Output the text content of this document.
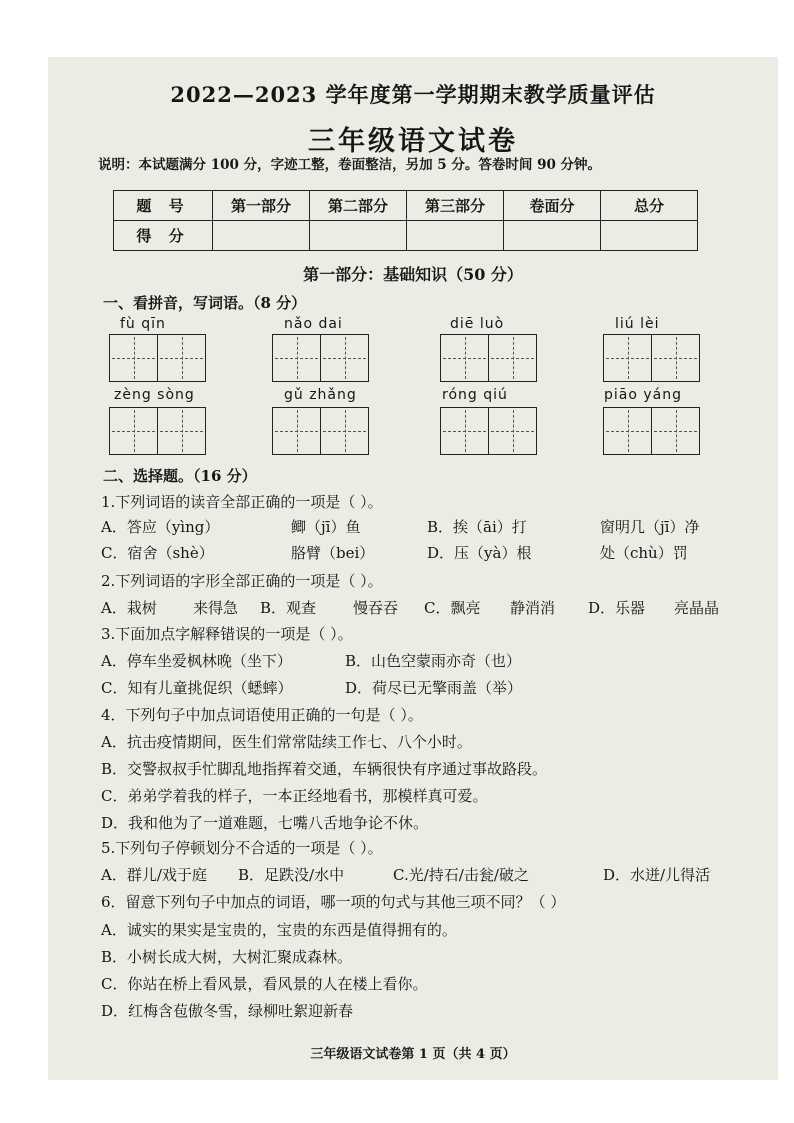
2022—2023 学年度第一学期期末教学质量评估
三年级语文试卷
说明：本试题满分 100 分，字迹工整，卷面整洁，另加 5 分。答卷时间 90 分钟。
题 号	第一部分	第二部分	第三部分	卷面分	总分
得 分					
第一部分：基础知识（50 分）
一、看拼音，写词语。（8 分）
fù qīn	nǎo dai	diē luò	liú lèi
zèng sòng	gǔ zhǎng	róng qiú	piāo yáng
二、选择题。（16 分）
1.下列词语的读音全部正确的一项是（ ）。
A．答应（yìng）	鲫（jī）鱼	B．挨（āi）打	窗明几（jī）净
C．宿舍（shè）	胳臂（bei）	D．压（yà）根	处（chù）罚
2.下列词语的字形全部正确的一项是（ ）。
A．栽树 来得急 B．观查 慢吞吞 C．飘亮 静消消 D．乐器 亮晶晶
3.下面加点字解释错误的一项是（ ）。
A．停车坐爱枫林晚（坐下）	B．山色空蒙雨亦奇（也）
C．知有儿童挑促织（蟋蟀）	D．荷尽已无擎雨盖（举）
4．下列句子中加点词语使用正确的一句是（ ）。
A．抗击疫情期间，医生们常常陆续工作七、八个小时。
B．交警叔叔手忙脚乱地指挥着交通，车辆很快有序通过事故路段。
C．弟弟学着我的样子，一本正经地看书，那模样真可爱。
D．我和他为了一道难题，七嘴八舌地争论不休。
5.下列句子停顿划分不合适的一项是（ ）。
A．群儿/戏于庭 B．足跌没/水中	C.光/持石/击瓮/破之	D．水迸/儿得活
6．留意下列句子中加点的词语，哪一项的句式与其他三项不同？（ ）
A．诚实的果实是宝贵的，宝贵的东西是值得拥有的。
B．小树长成大树，大树汇聚成森林。
C．你站在桥上看风景，看风景的人在楼上看你。
D．红梅含苞傲冬雪，绿柳吐絮迎新春
三年级语文试卷第 1 页（共 4 页）
